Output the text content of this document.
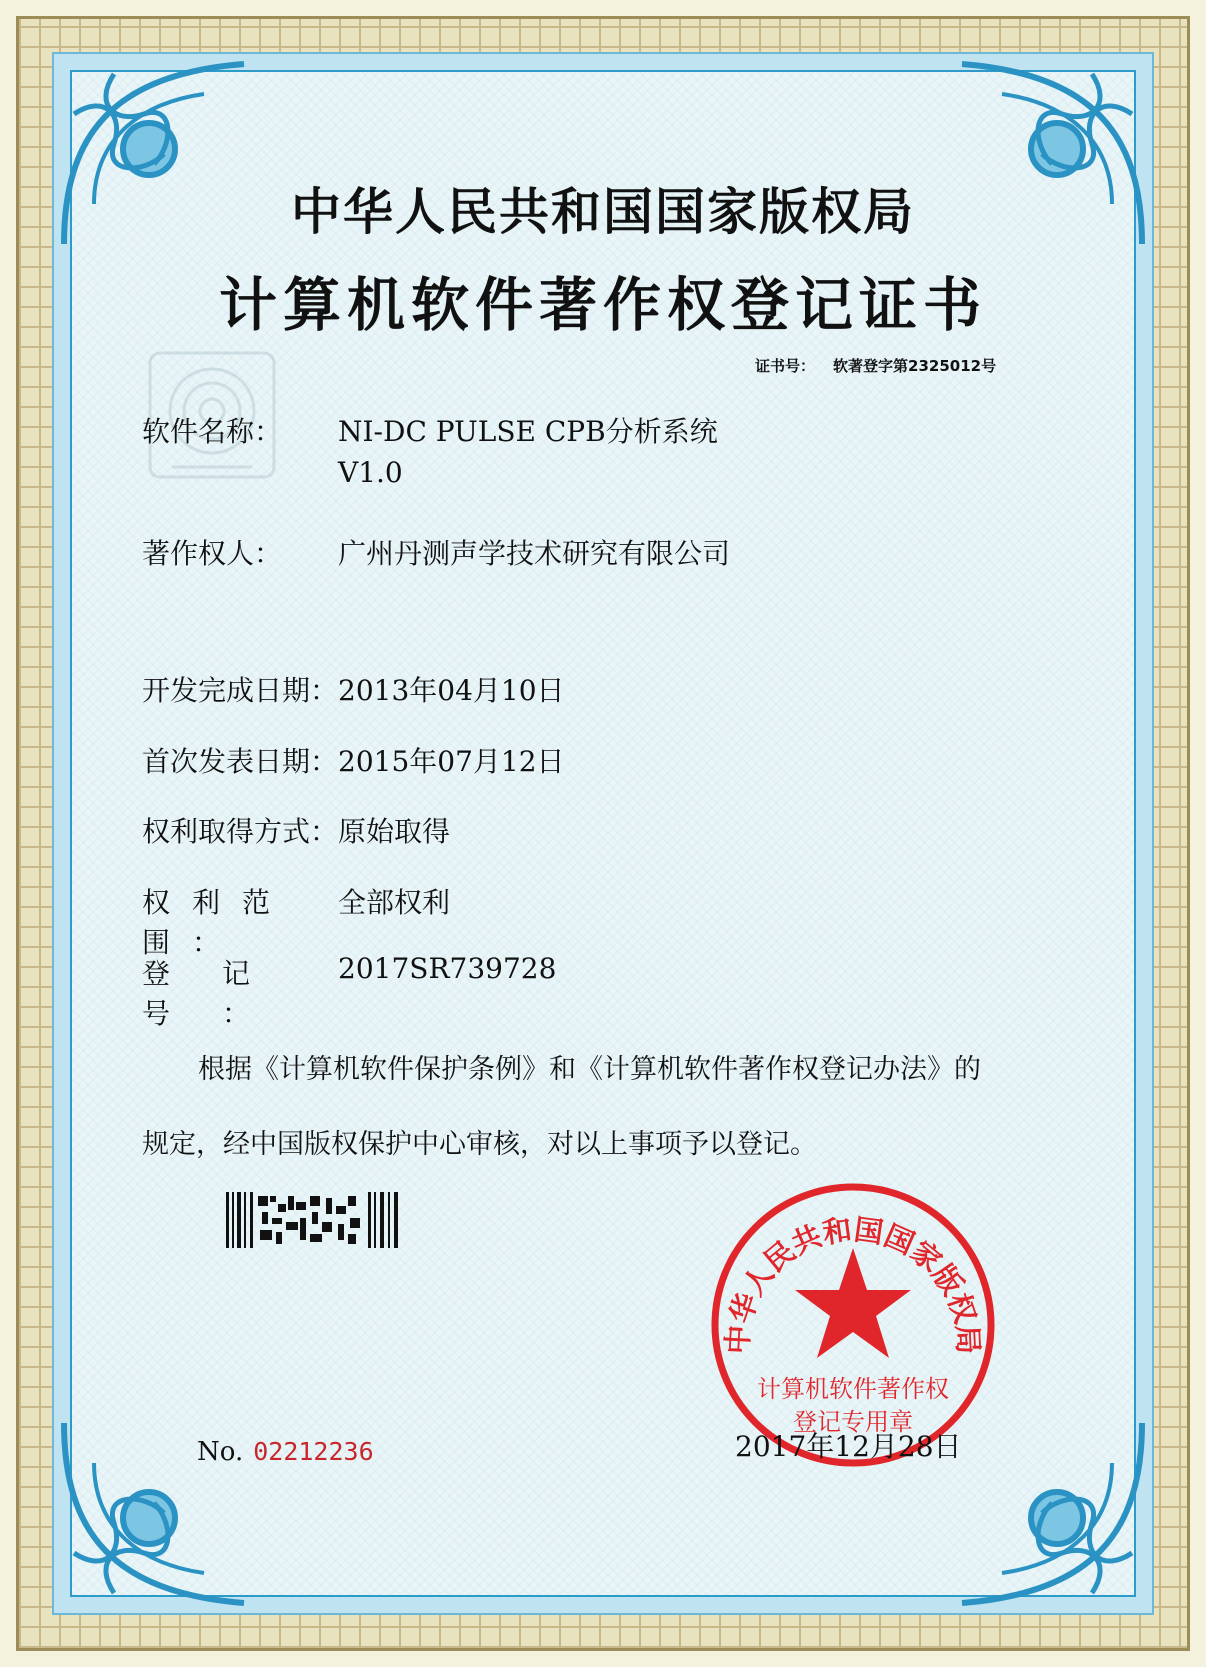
中华人民共和国国家版权局
计算机软件著作权登记证书
证书号： 软著登字第2325012号
软件名称： NI-DC PULSE CPB分析系统
V1.0
著作权人： 广州丹测声学技术研究有限公司
开发完成日期：2013年04月10日
首次发表日期：2015年07月12日
权利取得方式：原始取得
权利范围：全部权利
登记号：2017SR739728
根据《计算机软件保护条例》和《计算机软件著作权登记办法》的
规定，经中国版权保护中心审核，对以上事项予以登记。
中华人民共和国国家版权局
计算机软件著作权
登记专用章
2017年12月28日
No. 02212236
